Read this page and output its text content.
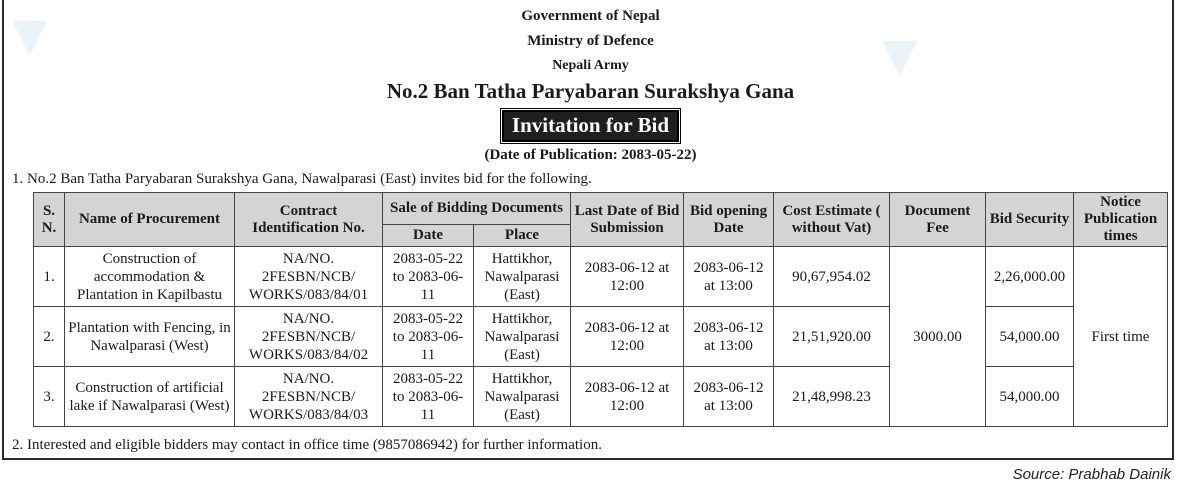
▼	▼
Government of Nepal
Ministry of Defence
Nepali Army
No.2 Ban Tatha Paryabaran Surakshya Gana
Invitation for Bid
(Date of Publication: 2083-05-22)
1. No.2 Ban Tatha Paryabaran Surakshya Gana, Nawalparasi (East) invites bid for the following.
S. N.	Name of Procurement	Contract Identification No.	Sale of Bidding Documents		Last Date of Bid Submission	Bid opening Date	Cost Estimate ( without Vat)	Document Fee	Bid Security	Notice Publication times
			Date	Place						
1.	Construction of accommodation & Plantation in Kapilbastu	NA/NO. 2FESBN/NCB/ WORKS/083/84/01	2083-05-22 to 2083-06-11	Hattikhor, Nawalparasi (East)	2083-06-12 at 12:00	2083-06-12 at 13:00	90,67,954.02	3000.00	2,26,000.00	First time
2.	Plantation with Fencing, in Nawalparasi (West)	NA/NO. 2FESBN/NCB/ WORKS/083/84/02	2083-05-22 to 2083-06-11	Hattikhor, Nawalparasi (East)	2083-06-12 at 12:00	2083-06-12 at 13:00	21,51,920.00		54,000.00	
3.	Construction of artificial lake if Nawalparasi (West)	NA/NO. 2FESBN/NCB/ WORKS/083/84/03	2083-05-22 to 2083-06-11	Hattikhor, Nawalparasi (East)	2083-06-12 at 12:00	2083-06-12 at 13:00	21,48,998.23		54,000.00	
2. Interested and eligible bidders may contact in office time (9857086942) for further information.
Source: Prabhab Dainik
